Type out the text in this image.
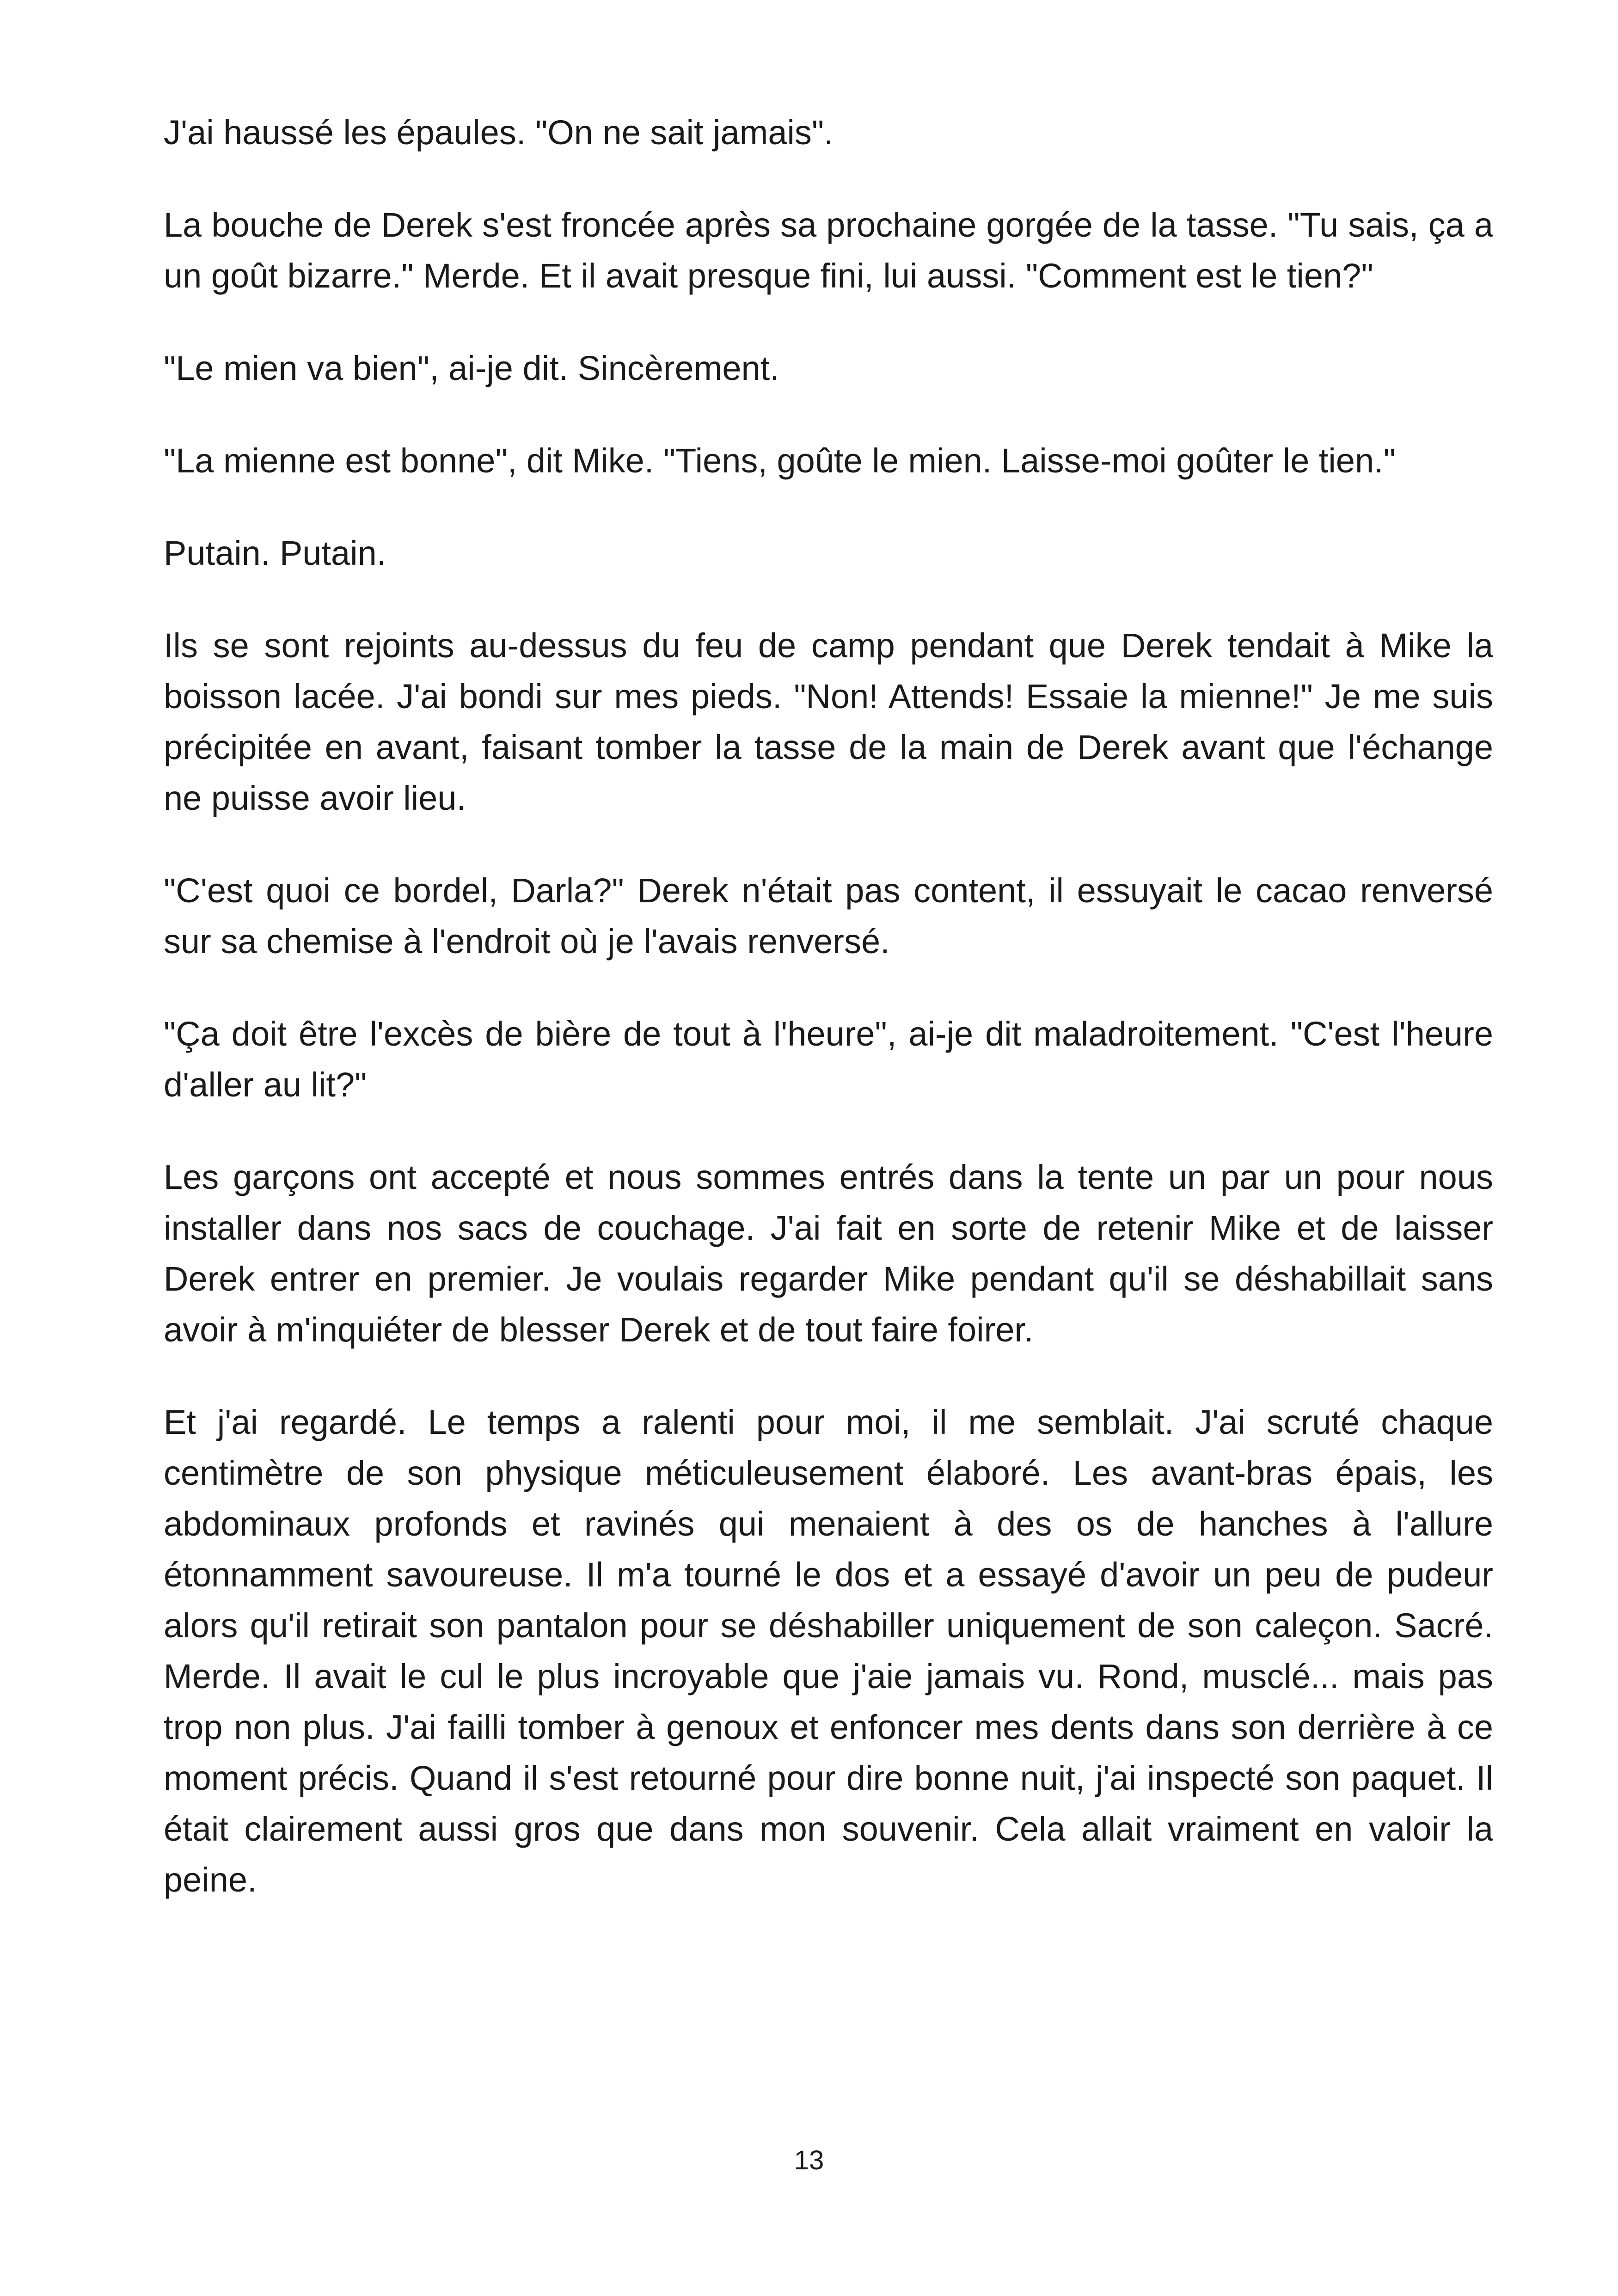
J'ai haussé les épaules. "On ne sait jamais".

La bouche de Derek s'est froncée après sa prochaine gorgée de la tasse. "Tu sais, ça a un goût bizarre." Merde. Et il avait presque fini, lui aussi. "Comment est le tien?"

"Le mien va bien", ai-je dit. Sincèrement.

"La mienne est bonne", dit Mike. "Tiens, goûte le mien. Laisse-moi goûter le tien."

Putain. Putain.

Ils se sont rejoints au-dessus du feu de camp pendant que Derek tendait à Mike la boisson lacée. J'ai bondi sur mes pieds. "Non! Attends! Essaie la mienne!" Je me suis précipitée en avant, faisant tomber la tasse de la main de Derek avant que l'échange ne puisse avoir lieu.

"C'est quoi ce bordel, Darla?" Derek n'était pas content, il essuyait le cacao renversé sur sa chemise à l'endroit où je l'avais renversé.

"Ça doit être l'excès de bière de tout à l'heure", ai-je dit maladroitement. "C'est l'heure d'aller au lit?"

Les garçons ont accepté et nous sommes entrés dans la tente un par un pour nous installer dans nos sacs de couchage. J'ai fait en sorte de retenir Mike et de laisser Derek entrer en premier. Je voulais regarder Mike pendant qu'il se déshabillait sans avoir à m'inquiéter de blesser Derek et de tout faire foirer.

Et j'ai regardé. Le temps a ralenti pour moi, il me semblait. J'ai scruté chaque centimètre de son physique méticuleusement élaboré. Les avant-bras épais, les abdominaux profonds et ravinés qui menaient à des os de hanches à l'allure étonnamment savoureuse. Il m'a tourné le dos et a essayé d'avoir un peu de pudeur alors qu'il retirait son pantalon pour se déshabiller uniquement de son caleçon. Sacré. Merde. Il avait le cul le plus incroyable que j'aie jamais vu. Rond, musclé... mais pas trop non plus. J'ai failli tomber à genoux et enfoncer mes dents dans son derrière à ce moment précis. Quand il s'est retourné pour dire bonne nuit, j'ai inspecté son paquet. Il était clairement aussi gros que dans mon souvenir. Cela allait vraiment en valoir la peine.

13
